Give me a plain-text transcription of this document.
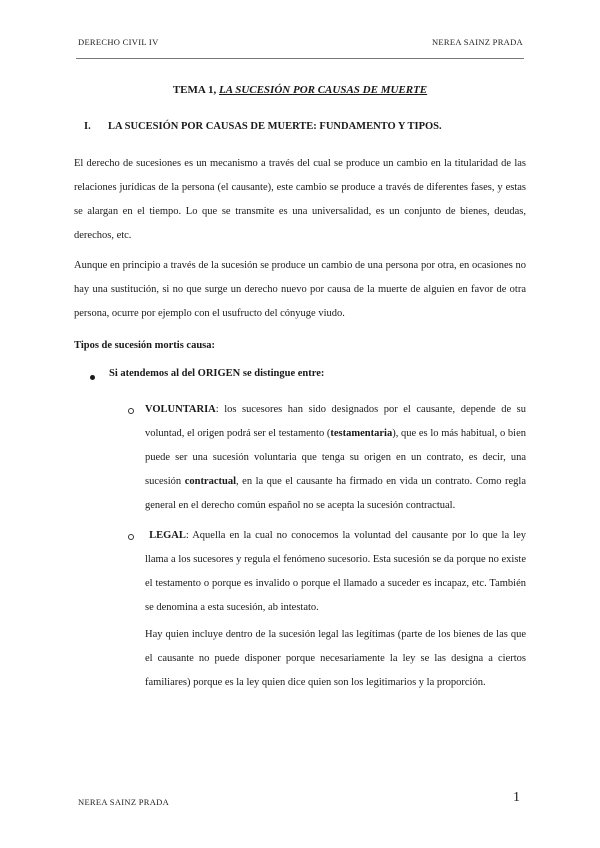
DERECHO CIVIL IV	NEREA SAINZ PRADA
TEMA 1, LA SUCESIÓN POR CAUSAS DE MUERTE
I. LA SUCESIÓN POR CAUSAS DE MUERTE: FUNDAMENTO Y TIPOS.

El derecho de sucesiones es un mecanismo a través del cual se produce un cambio en la titularidad de las relaciones jurídicas de la persona (el causante), este cambio se produce a través de diferentes fases, y estas se alargan en el tiempo. Lo que se transmite es una universalidad, es un conjunto de bienes, deudas, derechos, etc.

Aunque en principio a través de la sucesión se produce un cambio de una persona por otra, en ocasiones no hay una sustitución, si no que surge un derecho nuevo por causa de la muerte de alguien en favor de otra persona, ocurre por ejemplo con el usufructo del cónyuge viudo.

Tipos de sucesión mortis causa:

Si atendemos al del ORIGEN se distingue entre:

VOLUNTARIA: los sucesores han sido designados por el causante, depende de su voluntad, el origen podrá ser el testamento (testamentaria), que es lo más habitual, o bien puede ser una sucesión voluntaria que tenga su origen en un contrato, es decir, una sucesión contractual, en la que el causante ha firmado en vida un contrato. Como regla general en el derecho común español no se acepta la sucesión contractual.

LEGAL: Aquella en la cual no conocemos la voluntad del causante por lo que la ley llama a los sucesores y regula el fenómeno sucesorio. Esta sucesión se da porque no existe el testamento o porque es invalido o porque el llamado a suceder es incapaz, etc. También se denomina a esta sucesión, ab intestato.

Hay quien incluye dentro de la sucesión legal las legítimas (parte de los bienes de las que el causante no puede disponer porque necesariamente la ley se las designa a ciertos familiares) porque es la ley quien dice quien son los legitimarios y la proporción.

NEREA SAINZ PRADA	1
